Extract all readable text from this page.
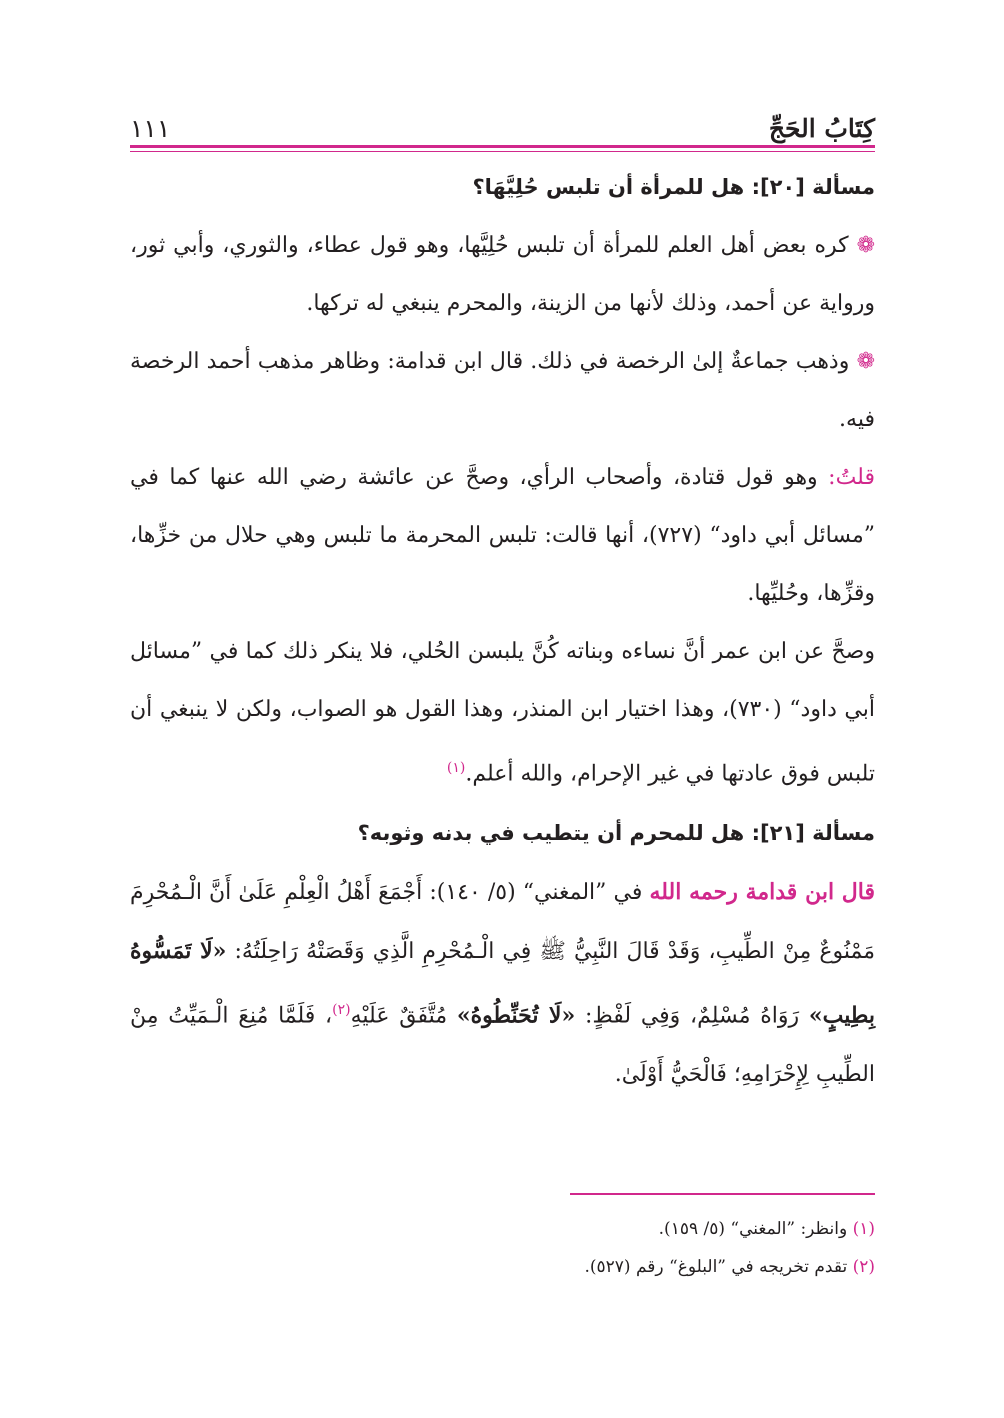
كِتَابُ الحَجِّ
١١١
مسألة [٢٠]: هل للمرأة أن تلبس حُلِيَّهَا؟

❁ كره بعض أهل العلم للمرأة أن تلبس حُلِيَّها، وهو قول عطاء، والثوري، وأبي ثور، ورواية عن أحمد، وذلك لأنها من الزينة، والمحرم ينبغي له تركها.

❁ وذهب جماعةٌ إلىٰ الرخصة في ذلك. قال ابن قدامة: وظاهر مذهب أحمد الرخصة فيه.

قلتُ: وهو قول قتادة، وأصحاب الرأي، وصحَّ عن عائشة رضي الله عنها كما في ”مسائل أبي داود“ (٧٢٧)، أنها قالت: تلبس المحرمة ما تلبس وهي حلال من خزِّها، وقزِّها، وحُليِّها.

وصحَّ عن ابن عمر أنَّ نساءه وبناته كُنَّ يلبسن الحُلي، فلا ينكر ذلك كما في ”مسائل أبي داود“ (٧٣٠)، وهذا اختيار ابن المنذر، وهذا القول هو الصواب، ولكن لا ينبغي أن تلبس فوق عادتها في غير الإحرام، والله أعلم.$^{(١)}$

مسألة [٢١]: هل للمحرم أن يتطيب في بدنه وثوبه؟

قال ابن قدامة رحمه الله في ”المغني“ (٥/ ١٤٠): أَجْمَعَ أَهْلُ الْعِلْمِ عَلَىٰ أَنَّ الْـمُحْرِمَ مَمْنُوعٌ مِنْ الطِّيبِ، وَقَدْ قَالَ النَّبِيُّ ﷺ فِي الْـمُحْرِمِ الَّذِي وَقَصَتْهُ رَاحِلَتُهُ: «لَا تَمَسُّوهُ بِطِيبٍ» رَوَاهُ مُسْلِمٌ، وَفِي لَفْظٍ: «لَا تُحَنِّطُوهُ» مُتَّفَقٌ عَلَيْهِ$^{(٢)}$، فَلَمَّا مُنِعَ الْـمَيِّتُ مِنْ الطِّيبِ لِإِحْرَامِهِ؛ فَالْحَيُّ أَوْلَىٰ.

(١) وانظر: ”المغني“ (٥/ ١٥٩).
(٢) تقدم تخريجه في ”البلوغ“ رقم (٥٢٧).
